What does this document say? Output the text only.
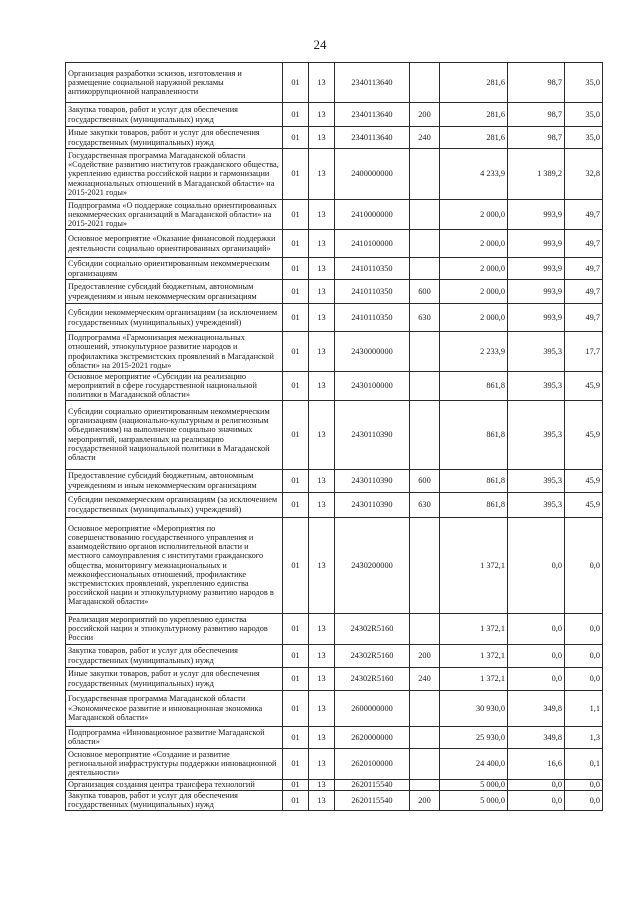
24
Организация разработки эскизов, изготовления и размещение социальной наружной рекламы антикоррупционной направленности	01	13	2340113640		281,6	98,7	35,0
Закупка товаров, работ и услуг для обеспечения государственных (муниципальных) нужд	01	13	2340113640	200	281,6	98,7	35,0
Иные закупки товаров, работ и услуг для обеспечения государственных (муниципальных) нужд	01	13	2340113640	240	281,6	98,7	35,0
Государственная программа Магаданской области «Содействие развитию институтов гражданского общества, укреплению единства российской нации и гармонизации межнациональных отношений в Магаданской области» на 2015-2021 годы»	01	13	2400000000		4 233,9	1 389,2	32,8
Подпрограмма «О поддержке социально ориентированных некоммерческих организаций в Магаданской области» на 2015-2021 годы»	01	13	2410000000		2 000,0	993,9	49,7
Основное мероприятие «Оказание финансовой поддержки деятельности социально ориентированных организаций»	01	13	2410100000		2 000,0	993,9	49,7
Субсидии социально ориентированным некоммерческим организациям	01	13	2410110350		2 000,0	993,9	49,7
Предоставление субсидий бюджетным, автономным учреждениям и иным некоммерческим организациям	01	13	2410110350	600	2 000,0	993,9	49,7
Субсидии некоммерческим организациям (за исключением государственных (муниципальных) учреждений)	01	13	2410110350	630	2 000,0	993,9	49,7
Подпрограмма «Гармонизация межнациональных отношений, этнокультурное развитие народов и профилактика экстремистских проявлений в Магаданской области» на 2015-2021 годы»	01	13	2430000000		2 233,9	395,3	17,7
Основное мероприятие «Субсидии на реализацию мероприятий в сфере государственной национальной политики в Магаданской области»	01	13	2430100000		861,8	395,3	45,9
Субсидии социально ориентированным некоммерческим организациям (национально-культурным и религиозным объединениям) на выполнение социально значимых мероприятий, направленных на реализацию государственной национальной политики в Магаданской области	01	13	2430110390		861,8	395,3	45,9
Предоставление субсидий бюджетным, автономным учреждениям и иным некоммерческим организациям	01	13	2430110390	600	861,8	395,3	45,9
Субсидии некоммерческим организациям (за исключением государственных (муниципальных) учреждений)	01	13	2430110390	630	861,8	395,3	45,9
Основное мероприятие «Мероприятия по совершенствованию государственного управления и взаимодействию органов исполнительной власти и местного самоуправления с институтами гражданского общества, мониторингу межнациональных и межконфессиональных отношений, профилактике экстремистских проявлений, укреплению единства российской нации и этнокультурному развитию народов в Магаданской области»	01	13	2430200000		1 372,1	0,0	0,0
Реализация мероприятий по укреплению единства российской нации и этнокультурному развитию народов России	01	13	24302R5160		1 372,1	0,0	0,0
Закупка товаров, работ и услуг для обеспечения государственных (муниципальных) нужд	01	13	24302R5160	200	1 372,1	0,0	0,0
Иные закупки товаров, работ и услуг для обеспечения государственных (муниципальных) нужд	01	13	24302R5160	240	1 372,1	0,0	0,0
Государственная программа Магаданской области «Экономическое развитие и инновационная экономика Магаданской области»	01	13	2600000000		30 930,0	349,8	1,1
Подпрограмма «Инновационное развитие Магаданской области»	01	13	2620000000		25 930,0	349,8	1,3
Основное мероприятие «Создание и развитие региональной инфраструктуры поддержки инновационной деятельности»	01	13	2620100000		24 400,0	16,6	0,1
Организация создания центра трансфера технологий	01	13	2620115540		5 000,0	0,0	0,0
Закупка товаров, работ и услуг для обеспечения государственных (муниципальных) нужд	01	13	2620115540	200	5 000,0	0,0	0,0
